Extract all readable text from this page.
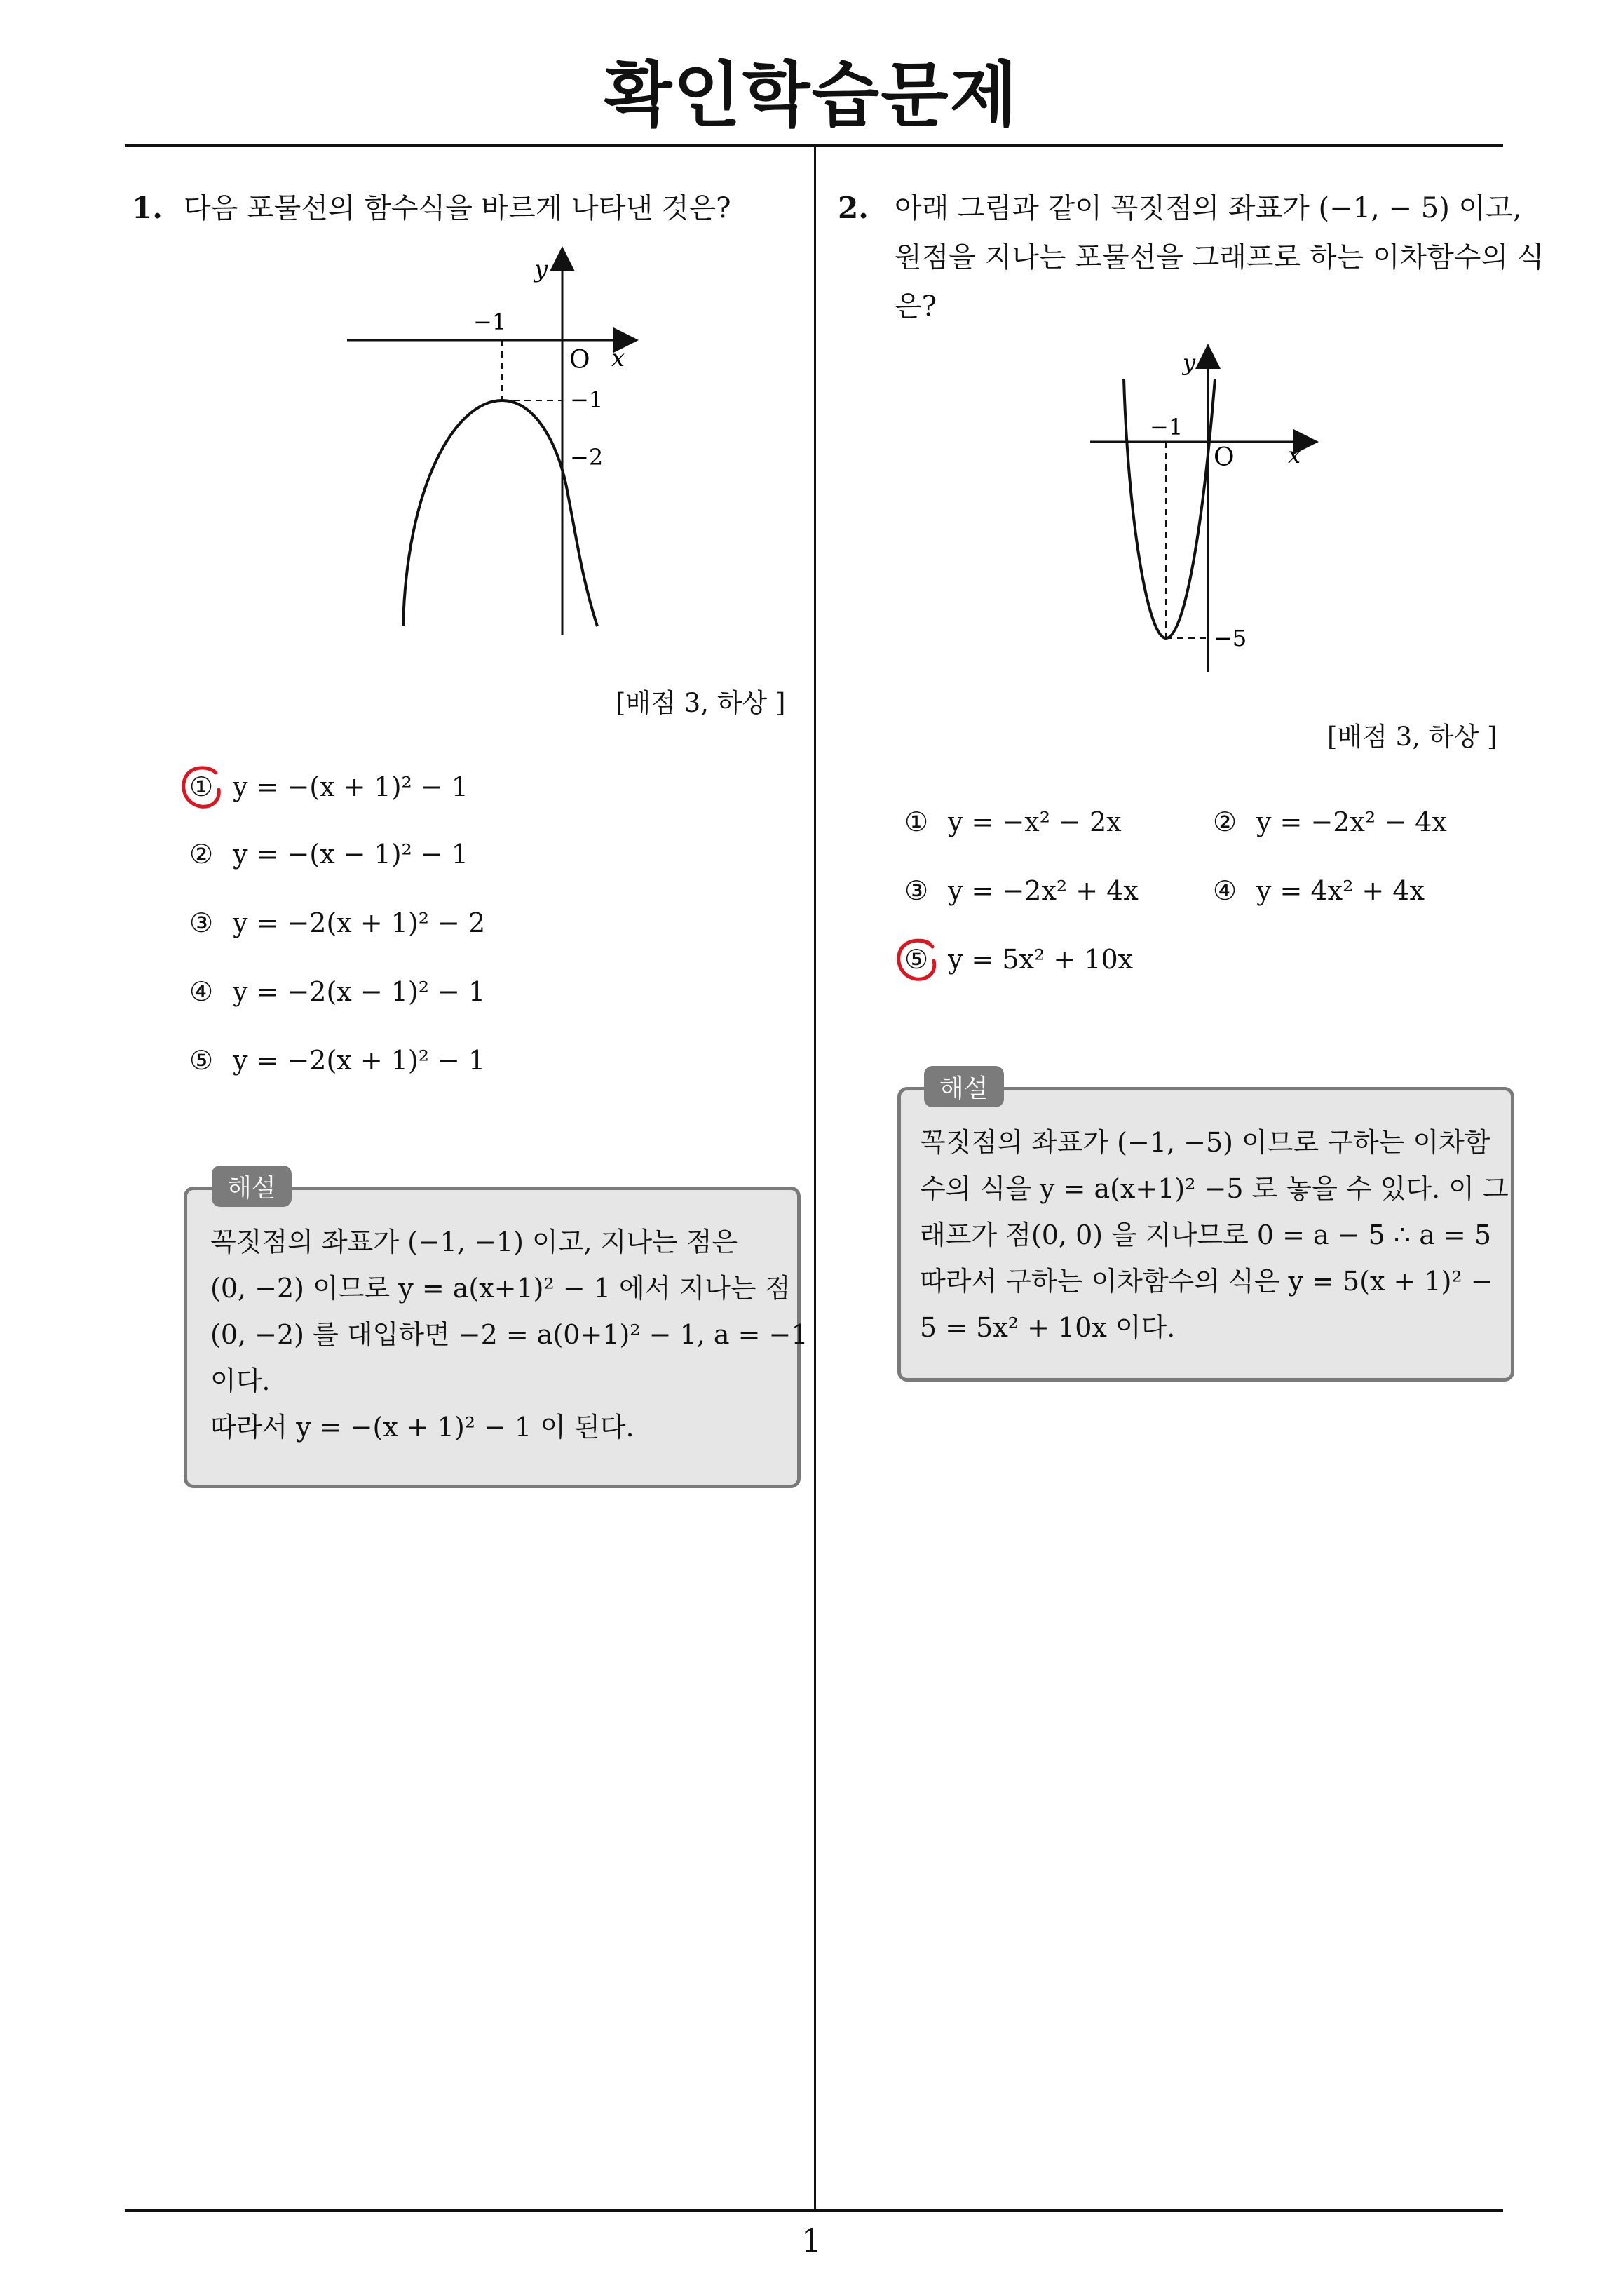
확인학습문제
1. 다음 포물선의 함수식을 바르게 나타낸 것은?
y
x
O
−1
−1
−2
[배점 3, 하상 ]
① y = −(x + 1)² − 1
② y = −(x − 1)² − 1
③ y = −2(x + 1)² − 2
④ y = −2(x − 1)² − 1
⑤ y = −2(x + 1)² − 1
해설
꼭짓점의 좌표가 (−1, −1) 이고, 지나는 점은
(0, −2) 이므로 y = a(x+1)² − 1 에서 지나는 점
(0, −2) 를 대입하면 −2 = a(0+1)² − 1, a = −1
이다.
따라서 y = −(x + 1)² − 1 이 된다.
2. 아래 그림과 같이 꼭짓점의 좌표가 (−1, − 5) 이고,
원점을 지나는 포물선을 그래프로 하는 이차함수의 식
은?
y
x
O
−1
−5
[배점 3, 하상 ]
① y = −x² − 2x	② y = −2x² − 4x
③ y = −2x² + 4x	④ y = 4x² + 4x
⑤ y = 5x² + 10x
해설
꼭짓점의 좌표가 (−1, −5) 이므로 구하는 이차함
수의 식을 y = a(x+1)² −5 로 놓을 수 있다. 이 그
래프가 점(0, 0) 을 지나므로 0 = a − 5 ∴ a = 5
따라서 구하는 이차함수의 식은 y = 5(x + 1)² −
5 = 5x² + 10x 이다.
1
